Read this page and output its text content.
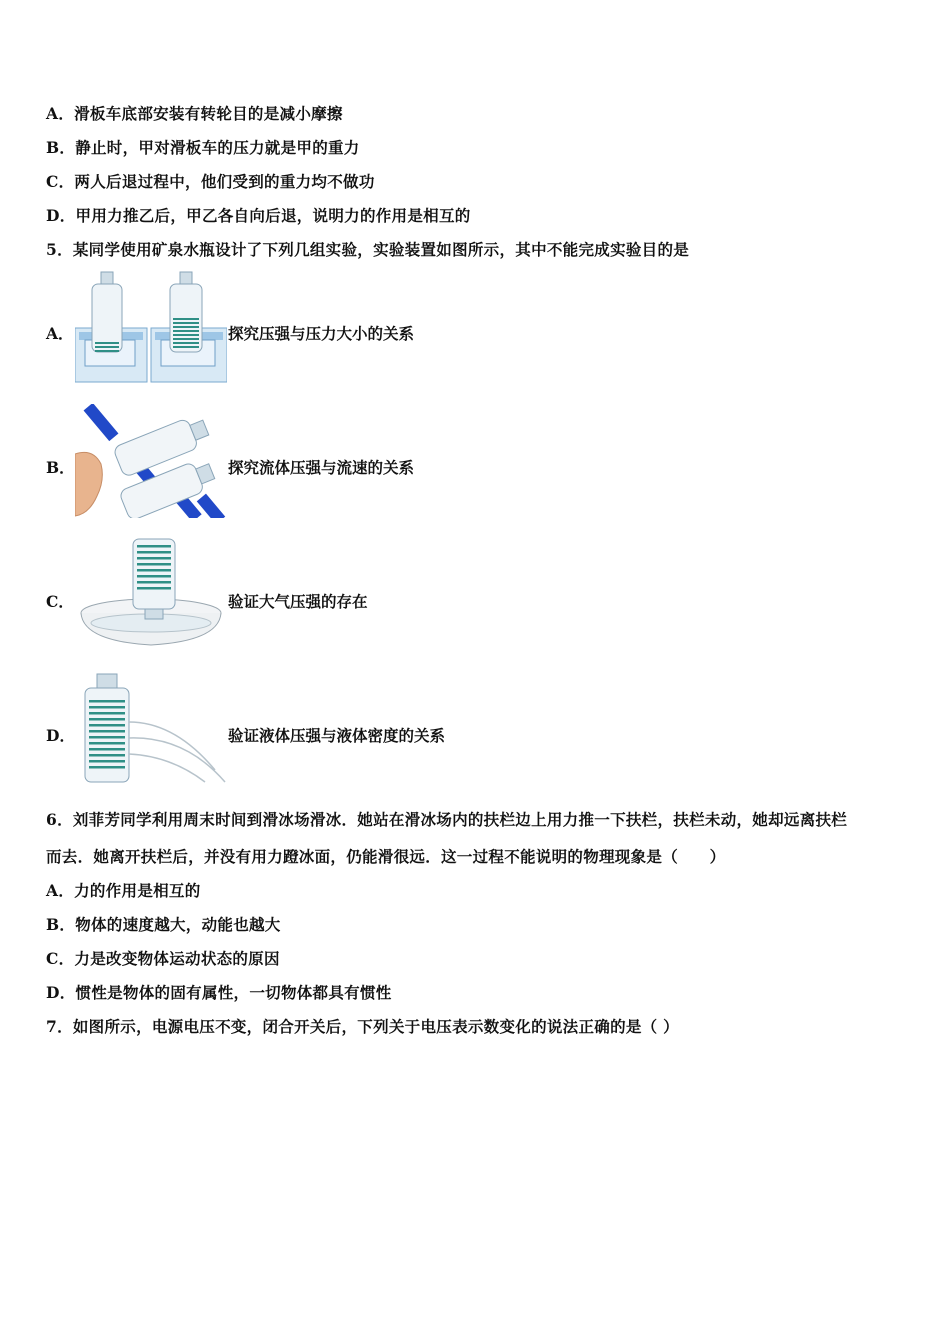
A．滑板车底部安装有转轮目的是减小摩擦
B．静止时，甲对滑板车的压力就是甲的重力
C．两人后退过程中，他们受到的重力均不做功
D．甲用力推乙后，甲乙各自向后退，说明力的作用是相互的
5．某同学使用矿泉水瓶设计了下列几组实验，实验装置如图所示，其中不能完成实验目的是
A．	探究压强与压力大小的关系
B．	探究流体压强与流速的关系
C．	验证大气压强的存在
D．	验证液体压强与液体密度的关系
6．刘菲芳同学利用周末时间到滑冰场滑冰．她站在滑冰场内的扶栏边上用力推一下扶栏，扶栏未动，她却远离扶栏
而去．她离开扶栏后，并没有用力蹬冰面，仍能滑很远．这一过程不能说明的物理现象是（　　）
A．力的作用是相互的
B．物体的速度越大，动能也越大
C．力是改变物体运动状态的原因
D．惯性是物体的固有属性，一切物体都具有惯性
7．如图所示，电源电压不变，闭合开关后，下列关于电压表示数变化的说法正确的是（ ）
